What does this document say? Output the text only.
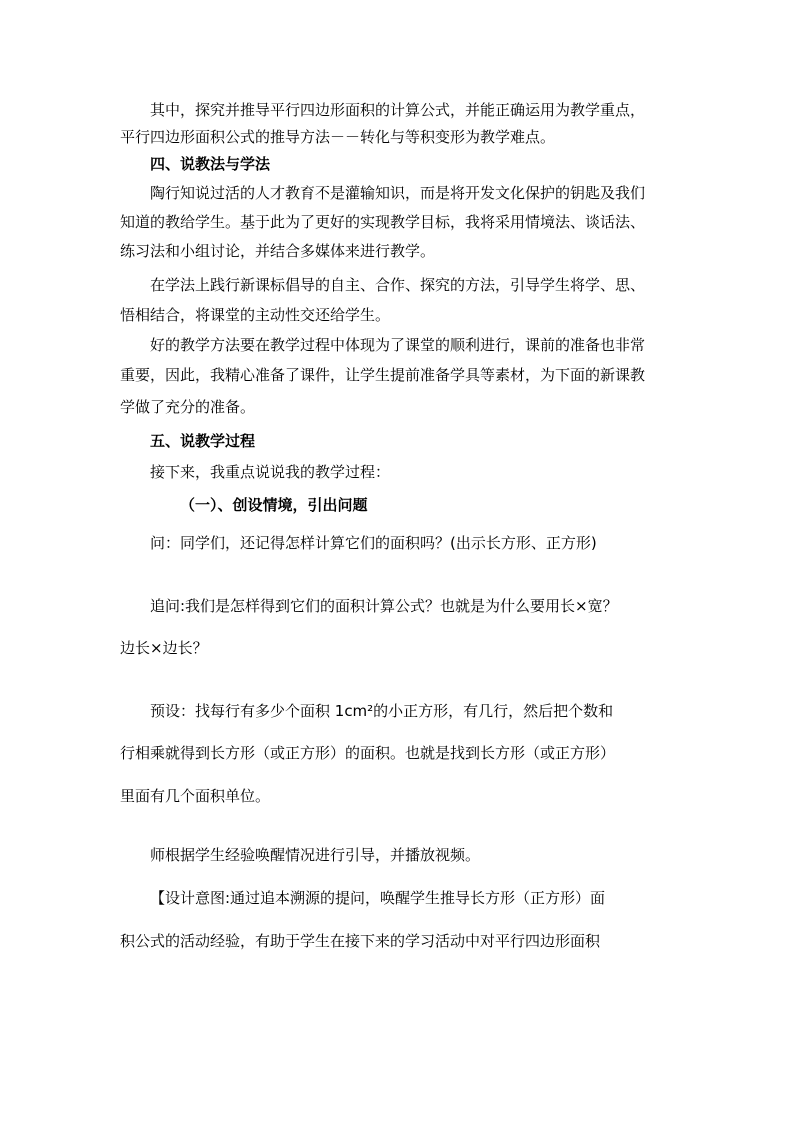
其中，探究并推导平行四边形面积的计算公式，并能正确运用为教学重点，
平行四边形面积公式的推导方法－－转化与等积变形为教学难点。
四、说教法与学法
陶行知说过活的人才教育不是灌输知识，而是将开发文化保护的钥匙及我们
知道的教给学生。基于此为了更好的实现教学目标，我将采用情境法、谈话法、
练习法和小组讨论，并结合多媒体来进行教学。
在学法上践行新课标倡导的自主、合作、探究的方法，引导学生将学、思、
悟相结合，将课堂的主动性交还给学生。
好的教学方法要在教学过程中体现为了课堂的顺利进行，课前的准备也非常
重要，因此，我精心准备了课件，让学生提前准备学具等素材，为下面的新课教
学做了充分的准备。
五、说教学过程
接下来，我重点说说我的教学过程：
（一）、创设情境，引出问题
问：同学们，还记得怎样计算它们的面积吗？(出示长方形、正方形)
追问:我们是怎样得到它们的面积计算公式？也就是为什么要用长×宽？
边长×边长？
预设：找每行有多少个面积 1cm²的小正方形，有几行，然后把个数和
行相乘就得到长方形（或正方形）的面积。也就是找到长方形（或正方形）
里面有几个面积单位。
师根据学生经验唤醒情况进行引导，并播放视频。
【设计意图:通过追本溯源的提问，唤醒学生推导长方形（正方形）面
积公式的活动经验，有助于学生在接下来的学习活动中对平行四边形面积
